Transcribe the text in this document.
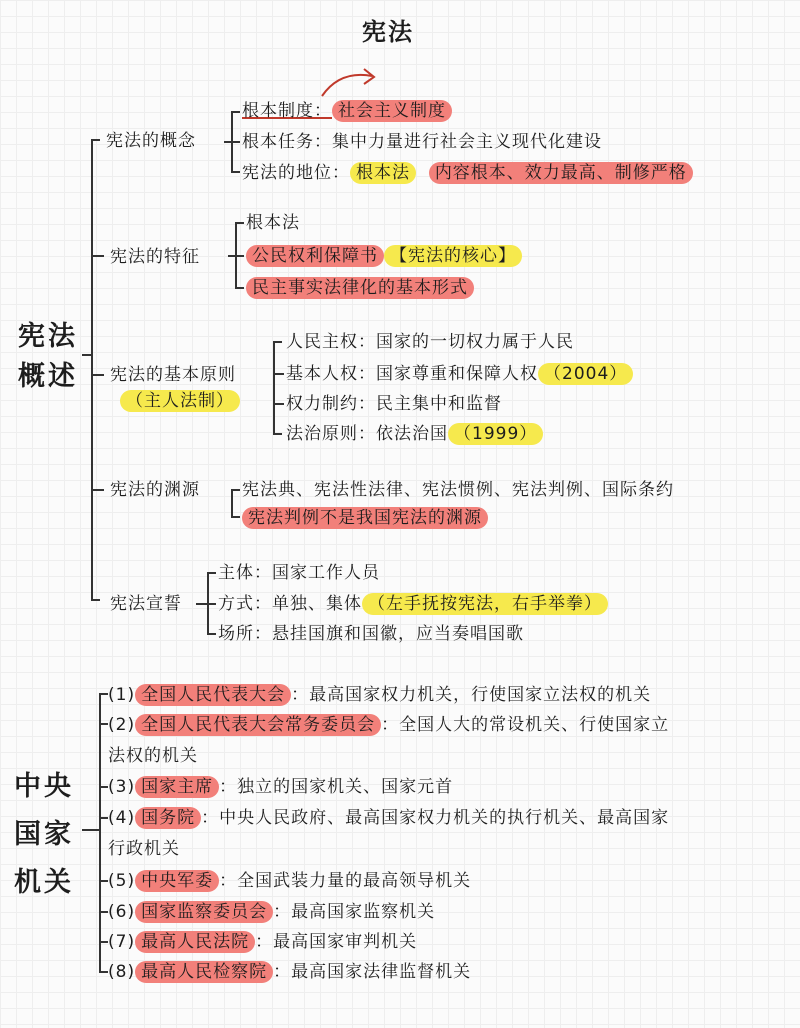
宪法
宪法
概述
宪法的概念
根本制度： 社会主义制度
根本任务：集中力量进行社会主义现代化建设
宪法的地位： 根本法 内容根本、效力最高、制修严格
宪法的特征
根本法
公民权利保障书 【宪法的核心】
民主事实法律化的基本形式
宪法的基本原则
（主人法制）
人民主权：国家的一切权力属于人民
基本人权：国家尊重和保障人权 （2004）
权力制约：民主集中和监督
法治原则：依法治国 （1999）
宪法的渊源 宪法典、宪法性法律、宪法惯例、宪法判例、国际条约
宪法判例不是我国宪法的渊源
宪法宣誓
主体：国家工作人员
方式：单独、集体 （左手抚按宪法，右手举拳）
场所：悬挂国旗和国徽，应当奏唱国歌
中央
国家
机关
(1) 全国人民代表大会 ：最高国家权力机关，行使国家立法权的机关
(2) 全国人民代表大会常务委员会 ：全国人大的常设机关、行使国家立
法权的机关
(3) 国家主席 ：独立的国家机关、国家元首
(4) 国务院 ：中央人民政府、最高国家权力机关的执行机关、最高国家
行政机关
(5) 中央军委 ：全国武装力量的最高领导机关
(6) 国家监察委员会 ：最高国家监察机关
(7) 最高人民法院 ：最高国家审判机关
(8) 最高人民检察院 ：最高国家法律监督机关
